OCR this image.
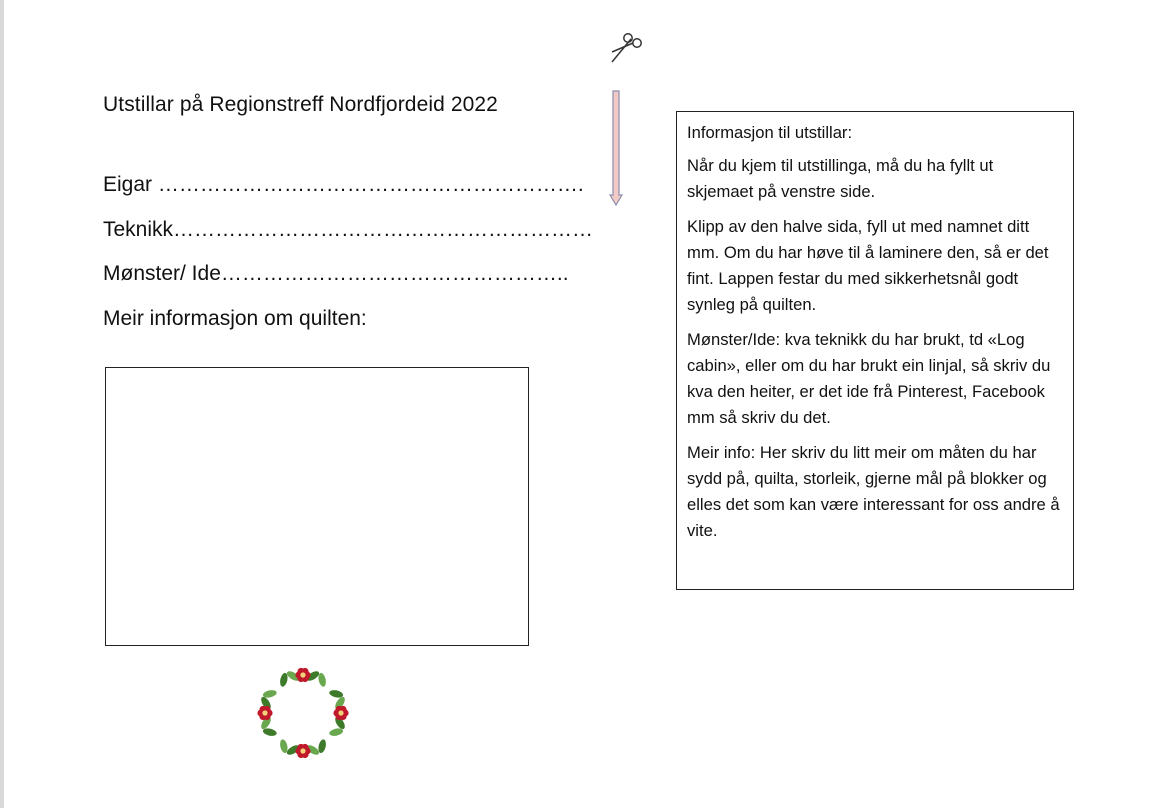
Utstillar på Regionstreff Nordfjordeid 2022
Eigar …………………………………………………….
Teknikk……………………………………………………
Mønster/ Ide…………………………………………..
Meir informasjon om quilten:

Informasjon til utstillar:

Når du kjem til utstillinga, må du ha fyllt ut skjemaet på venstre side.

Klipp av den halve sida, fyll ut med namnet ditt mm. Om du har høve til å laminere den, så er det fint. Lappen festar du med sikkerhetsnål godt synleg på quilten.

Mønster/Ide: kva teknikk du har brukt, td «Log cabin», eller om du har brukt ein linjal, så skriv du kva den heiter, er det ide frå Pinterest, Facebook mm så skriv du det.

Meir info: Her skriv du litt meir om måten du har sydd på, quilta, storleik, gjerne mål på blokker og elles det som kan være interessant for oss andre å vite.
